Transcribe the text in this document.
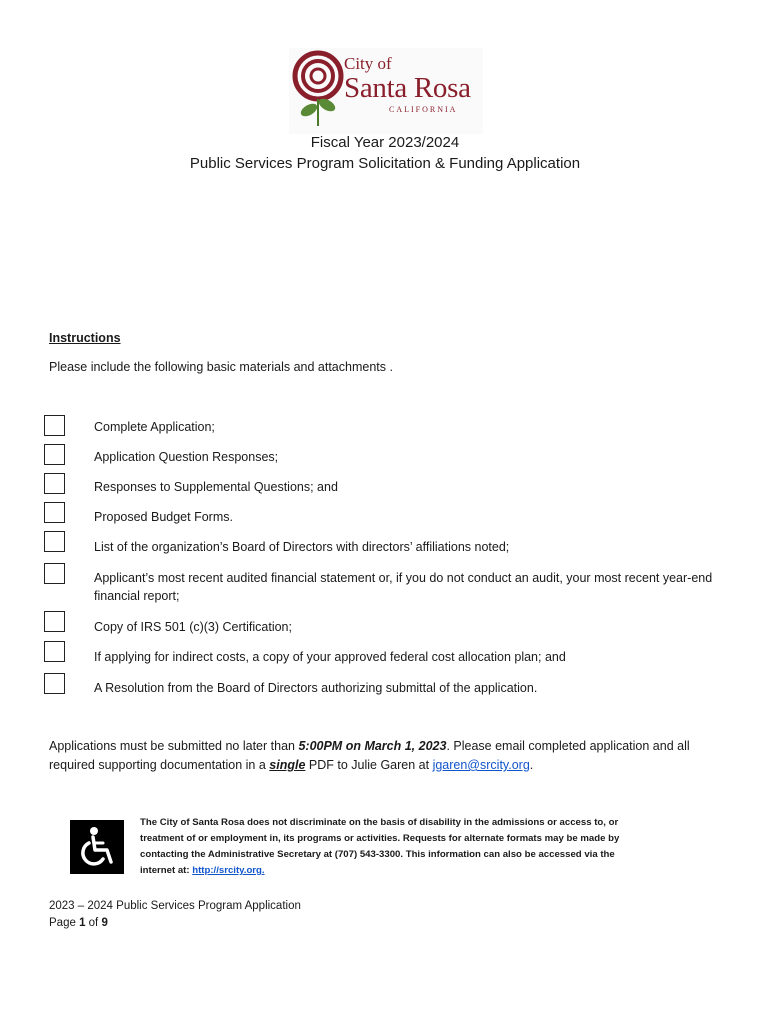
City of
Santa Rosa
CALIFORNIA
Fiscal Year 2023/2024
Public Services Program Solicitation & Funding Application
Instructions
Please include the following basic materials and attachments .
Complete Application;
Application Question Responses;
Responses to Supplemental Questions; and
Proposed Budget Forms.
List of the organization’s Board of Directors with directors’ affiliations noted;
Applicant’s most recent audited financial statement or, if you do not conduct an audit, your most recent year-end financial report;
Copy of IRS 501 (c)(3) Certification;
If applying for indirect costs, a copy of your approved federal cost allocation plan; and
A Resolution from the Board of Directors authorizing submittal of the application.
Applications must be submitted no later than 5:00PM on March 1, 2023. Please email completed application and all required supporting documentation in a single PDF to Julie Garen at jgaren@srcity.org.
The City of Santa Rosa does not discriminate on the basis of disability in the admissions or access to, or treatment of or employment in, its programs or activities. Requests for alternate formats may be made by contacting the Administrative Secretary at (707) 543-3300. This information can also be accessed via the internet at: http://srcity.org.
2023 – 2024 Public Services Program Application
Page 1 of 9
